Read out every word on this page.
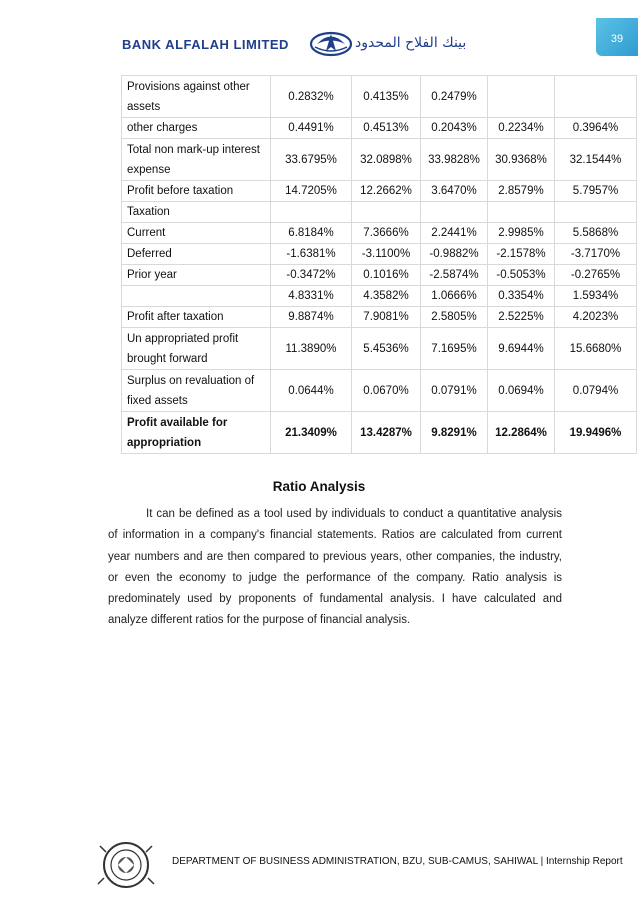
39
BANK ALFALAH LIMITED	بينك الفلاح المحدود
Provisions against other assets	0.2832%	0.4135%	0.2479%		
other charges	0.4491%	0.4513%	0.2043%	0.2234%	0.3964%
Total non mark-up interest expense	33.6795%	32.0898%	33.9828%	30.9368%	32.1544%
Profit before taxation	14.7205%	12.2662%	3.6470%	2.8579%	5.7957%
Taxation					
Current	6.8184%	7.3666%	2.2441%	2.9985%	5.5868%
Deferred	-1.6381%	-3.1100%	-0.9882%	-2.1578%	-3.7170%
Prior year	-0.3472%	0.1016%	-2.5874%	-0.5053%	-0.2765%
	4.8331%	4.3582%	1.0666%	0.3354%	1.5934%
Profit after taxation	9.8874%	7.9081%	2.5805%	2.5225%	4.2023%
Un appropriated profit brought forward	11.3890%	5.4536%	7.1695%	9.6944%	15.6680%
Surplus on revaluation of fixed assets	0.0644%	0.0670%	0.0791%	0.0694%	0.0794%
Profit available for appropriation	21.3409%	13.4287%	9.8291%	12.2864%	19.9496%
Ratio Analysis

It can be defined as a tool used by individuals to conduct a quantitative analysis of information in a company's financial statements. Ratios are calculated from current year numbers and are then compared to previous years, other companies, the industry, or even the economy to judge the performance of the company. Ratio analysis is predominately used by proponents of fundamental analysis. I have calculated and analyze different ratios for the purpose of financial analysis.

DEPARTMENT OF BUSINESS ADMINISTRATION, BZU, SUB-CAMUS, SAHIWAL | Internship Report
